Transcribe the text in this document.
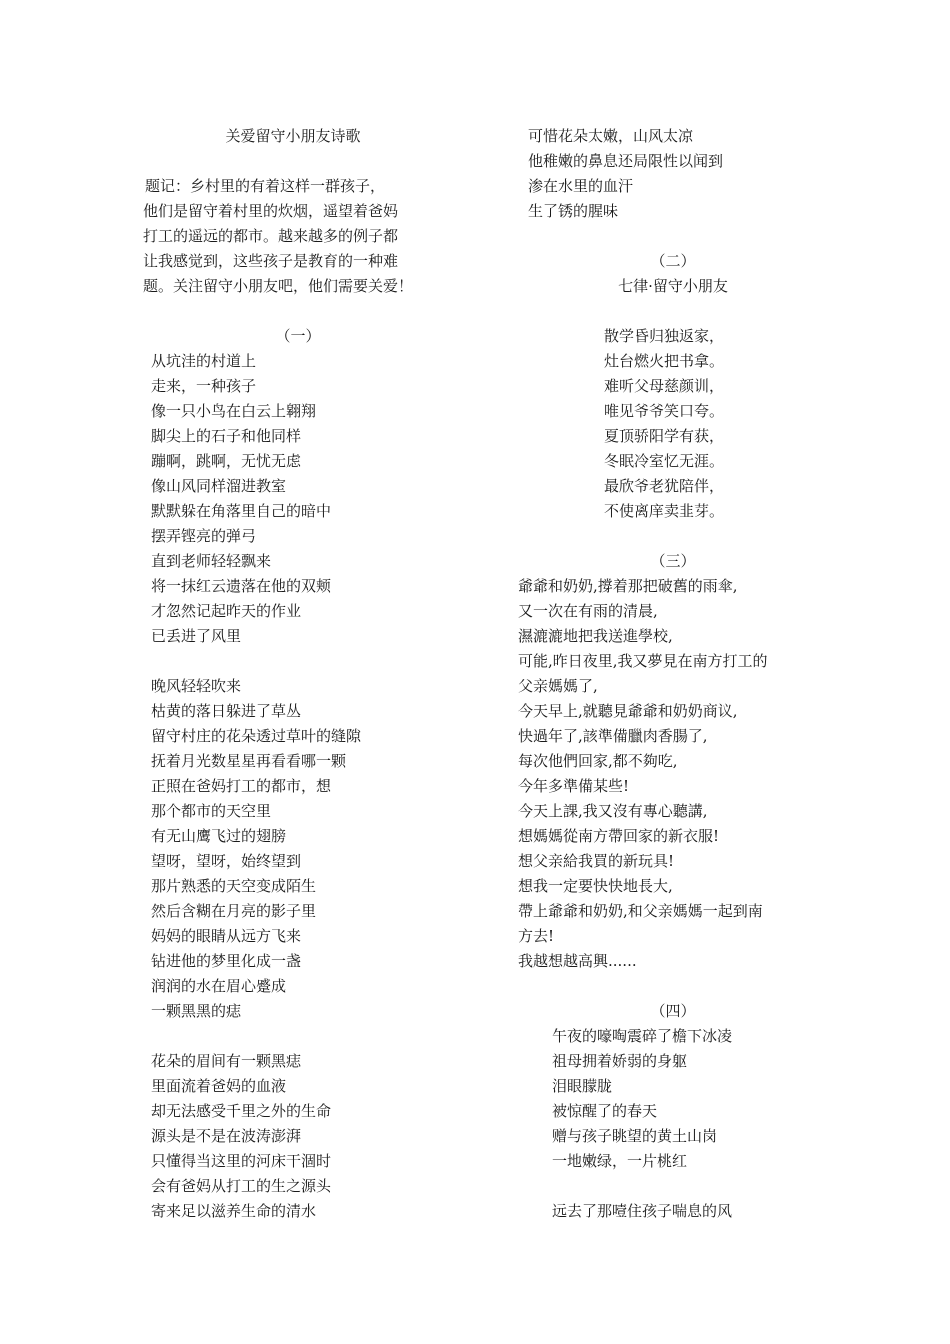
关爱留守小朋友诗歌
题记：乡村里的有着这样一群孩子，
他们是留守着村里的炊烟，遥望着爸妈
打工的遥远的都市。越来越多的例子都
让我感觉到，这些孩子是教育的一种难
题。关注留守小朋友吧，他们需要关爱！
（一）
从坑洼的村道上
走来，一种孩子
像一只小鸟在白云上翱翔
脚尖上的石子和他同样
蹦啊，跳啊，无忧无虑
像山风同样溜进教室
默默躲在角落里自己的暗中
摆弄铿亮的弹弓
直到老师轻轻飘来
将一抹红云遗落在他的双颊
才忽然记起昨天的作业
已丢进了风里
晚风轻轻吹来
枯黄的落日躲进了草丛
留守村庄的花朵透过草叶的缝隙
抚着月光数星星再看看哪一颗
正照在爸妈打工的都市，想
那个都市的天空里
有无山鹰飞过的翅膀
望呀，望呀，始终望到
那片熟悉的天空变成陌生
然后含糊在月亮的影子里
妈妈的眼睛从远方飞来
钻进他的梦里化成一盏
润润的水在眉心蹙成
一颗黑黑的痣
花朵的眉间有一颗黑痣
里面流着爸妈的血液
却无法感受千里之外的生命
源头是不是在波涛澎湃
只懂得当这里的河床干涸时
会有爸妈从打工的生之源头
寄来足以滋养生命的清水
可惜花朵太嫩，山风太凉
他稚嫩的鼻息还局限性以闻到
渗在水里的血汗
生了锈的腥味
（二）
七律·留守小朋友
散学昏归独返家，
灶台燃火把书拿。
难听父母慈颜训，
唯见爷爷笑口夸。
夏顶骄阳学有获，
冬眠冷室忆无涯。
最欣爷老犹陪伴，
不使离庠卖韭芽。
（三）
爺爺和奶奶,撐着那把破舊的雨傘,
又一次在有雨的清晨,
濕漉漉地把我送進學校,
可能,昨日夜里,我又夢見在南方打工的
父亲媽媽了,
今天早上,就聽見爺爺和奶奶商议,
快過年了,該準備臘肉香腸了,
每次他們回家,都不夠吃,
今年多準備某些!
今天上課,我又沒有專心聽講,
想媽媽從南方帶回家的新衣服!
想父亲給我買的新玩具!
想我一定要快快地長大,
帶上爺爺和奶奶,和父亲媽媽一起到南
方去!
我越想越高興......
（四）
午夜的嚎啕震碎了檐下冰凌
祖母拥着娇弱的身躯
泪眼朦胧
被惊醒了的春天
赠与孩子眺望的黄土山岗
一地嫩绿，一片桃红
远去了那噎住孩子喘息的风
